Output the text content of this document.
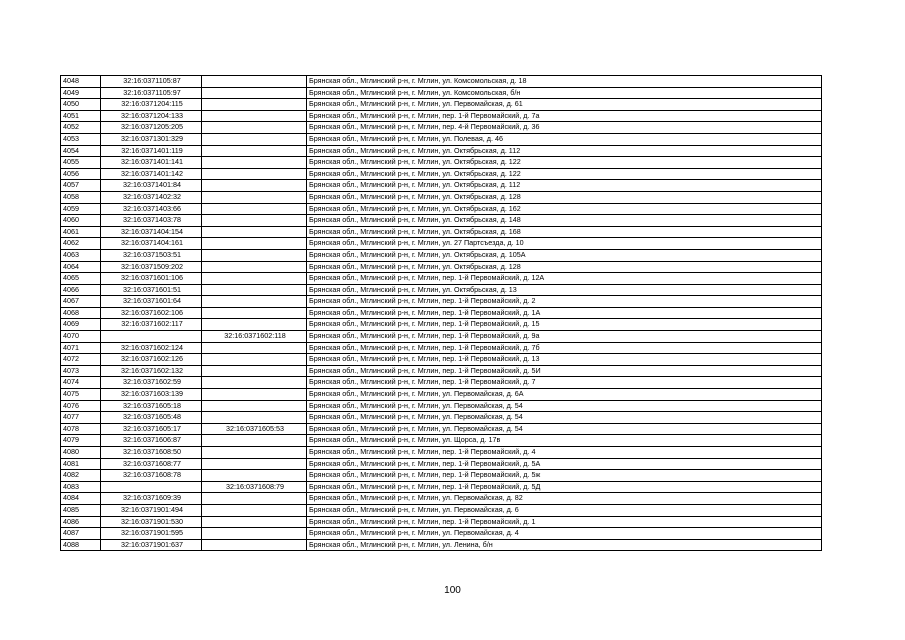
4048	32:16:0371105:87		Брянская обл., Мглинский р-н, г. Мглин, ул. Комсомольская, д. 18
4049	32:16:0371105:97		Брянская обл., Мглинский р-н, г. Мглин, ул. Комсомольская, б/н
4050	32:16:0371204:115		Брянская обл., Мглинский р-н, г. Мглин, ул. Первомайская, д. 61
4051	32:16:0371204:133		Брянская обл., Мглинский р-н, г. Мглин, пер. 1-й Первомайский, д. 7а
4052	32:16:0371205:205		Брянская обл., Мглинский р-н, г. Мглин, пер. 4-й Первомайский, д. 36
4053	32:16:0371301:329		Брянская обл., Мглинский р-н, г. Мглин, ул. Полевая, д. 46
4054	32:16:0371401:119		Брянская обл., Мглинский р-н, г. Мглин, ул. Октябрьская, д. 112
4055	32:16:0371401:141		Брянская обл., Мглинский р-н, г. Мглин, ул. Октябрьская, д. 122
4056	32:16:0371401:142		Брянская обл., Мглинский р-н, г. Мглин, ул. Октябрьская, д. 122
4057	32:16:0371401:84		Брянская обл., Мглинский р-н, г. Мглин, ул. Октябрьская, д. 112
4058	32:16:0371402:32		Брянская обл., Мглинский р-н, г. Мглин, ул. Октябрьская, д. 128
4059	32:16:0371403:66		Брянская обл., Мглинский р-н, г. Мглин, ул. Октябрьская, д. 162
4060	32:16:0371403:78		Брянская обл., Мглинский р-н, г. Мглин, ул. Октябрьская, д. 148
4061	32:16:0371404:154		Брянская обл., Мглинский р-н, г. Мглин, ул. Октябрьская, д. 168
4062	32:16:0371404:161		Брянская обл., Мглинский р-н, г. Мглин, ул. 27 Партсъезда, д. 10
4063	32:16:0371503:51		Брянская обл., Мглинский р-н, г. Мглин, ул. Октябрьская, д. 105А
4064	32:16:0371509:202		Брянская обл., Мглинский р-н, г. Мглин, ул. Октябрьская, д. 128
4065	32:16:0371601:106		Брянская обл., Мглинский р-н, г. Мглин, пер. 1-й Первомайский, д. 12А
4066	32:16:0371601:51		Брянская обл., Мглинский р-н, г. Мглин, ул. Октябрьская, д. 13
4067	32:16:0371601:64		Брянская обл., Мглинский р-н, г. Мглин, пер. 1-й Первомайский, д. 2
4068	32:16:0371602:106		Брянская обл., Мглинский р-н, г. Мглин, пер. 1-й Первомайский, д. 1А
4069	32:16:0371602:117		Брянская обл., Мглинский р-н, г. Мглин, пер. 1-й Первомайский, д. 15
4070		32:16:0371602:118	Брянская обл., Мглинский р-н, г. Мглин, пер. 1-й Первомайский, д. 9а
4071	32:16:0371602:124		Брянская обл., Мглинский р-н, г. Мглин, пер. 1-й Первомайский, д. 7б
4072	32:16:0371602:126		Брянская обл., Мглинский р-н, г. Мглин, пер. 1-й Первомайский, д. 13
4073	32:16:0371602:132		Брянская обл., Мглинский р-н, г. Мглин, пер. 1-й Первомайский, д. 5И
4074	32:16:0371602:59		Брянская обл., Мглинский р-н, г. Мглин, пер. 1-й Первомайский, д. 7
4075	32:16:0371603:139		Брянская обл., Мглинский р-н, г. Мглин, ул. Первомайская, д. 6А
4076	32:16:0371605:18		Брянская обл., Мглинский р-н, г. Мглин, ул. Первомайская, д. 54
4077	32:16:0371605:48		Брянская обл., Мглинский р-н, г. Мглин, ул. Первомайская, д. 54
4078	32:16:0371605:17	32:16:0371605:53	Брянская обл., Мглинский р-н, г. Мглин, ул. Первомайская, д. 54
4079	32:16:0371606:87		Брянская обл., Мглинский р-н, г. Мглин, ул. Щорса, д. 17в
4080	32:16:0371608:50		Брянская обл., Мглинский р-н, г. Мглин, пер. 1-й Первомайский, д. 4
4081	32:16:0371608:77		Брянская обл., Мглинский р-н, г. Мглин, пер. 1-й Первомайский, д. 5А
4082	32:16:0371608:78		Брянская обл., Мглинский р-н, г. Мглин, пер. 1-й Первомайский, д. 5ж
4083		32:16:0371608:79	Брянская обл., Мглинский р-н, г. Мглин, пер. 1-й Первомайский, д. 5Д
4084	32:16:0371609:39		Брянская обл., Мглинский р-н, г. Мглин, ул. Первомайская, д. 82
4085	32:16:0371901:494		Брянская обл., Мглинский р-н, г. Мглин, ул. Первомайская, д. 6
4086	32:16:0371901:530		Брянская обл., Мглинский р-н, г. Мглин, пер. 1-й Первомайский, д. 1
4087	32:16:0371901:595		Брянская обл., Мглинский р-н, г. Мглин, ул. Первомайская, д. 4
4088	32:16:0371901:637		Брянская обл., Мглинский р-н, г. Мглин, ул. Ленина, б/н
100
